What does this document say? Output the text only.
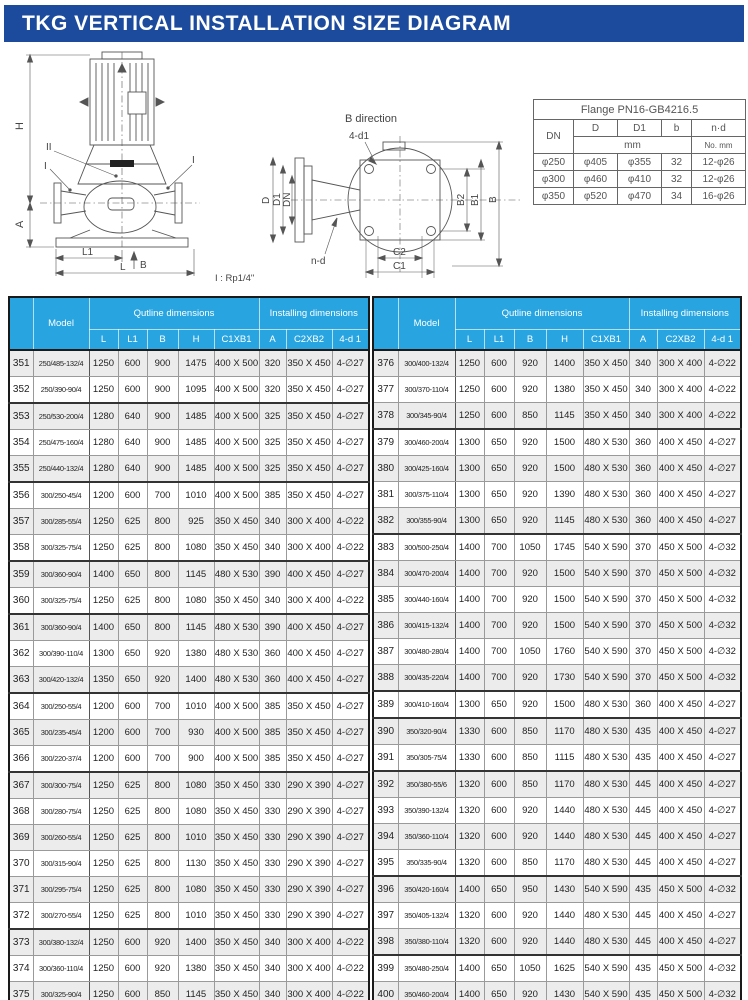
TKG VERTICAL INSTALLATION SIZE DIAGRAM
H
A
L1
L B
II
I
I
B direction
4-d1
D D1 DN
n-d
B2 B1 B
C2
C1

I : Rp1/4"

Flange PN16-GB4216.5				
DN	D	D1	b	n·d
	mm			No. mm
φ250	φ405	φ355	32	12-φ26
φ300	φ460	φ410	32	12-φ26
φ350	φ520	φ470	34	16-φ26
	Model	Qutline dimensions					Installing dimensions		
		L	L1	B	H	C1XB1	A	C2XB2	4-d 1
351	250/485-132/4	1250	600	900	1475	400 X 500	320	350 X 450	4-∅27
352	250/390-90/4	1250	600	900	1095	400 X 500	320	350 X 450	4-∅27
353	250/530-200/4	1280	640	900	1485	400 X 500	325	350 X 450	4-∅27
354	250/475-160/4	1280	640	900	1485	400 X 500	325	350 X 450	4-∅27
355	250/440-132/4	1280	640	900	1485	400 X 500	325	350 X 450	4-∅27
356	300/250-45/4	1200	600	700	1010	400 X 500	385	350 X 450	4-∅27
357	300/285-55/4	1250	625	800	925	350 X 450	340	300 X 400	4-∅22
358	300/325-75/4	1250	625	800	1080	350 X 450	340	300 X 400	4-∅22
359	300/360-90/4	1400	650	800	1145	480 X 530	390	400 X 450	4-∅27
360	300/325-75/4	1250	625	800	1080	350 X 450	340	300 X 400	4-∅22
361	300/360-90/4	1400	650	800	1145	480 X 530	390	400 X 450	4-∅27
362	300/390-110/4	1300	650	920	1380	480 X 530	360	400 X 450	4-∅27
363	300/420-132/4	1350	650	920	1400	480 X 530	360	400 X 450	4-∅27
364	300/250-55/4	1200	600	700	1010	400 X 500	385	350 X 450	4-∅27
365	300/235-45/4	1200	600	700	930	400 X 500	385	350 X 450	4-∅27
366	300/220-37/4	1200	600	700	900	400 X 500	385	350 X 450	4-∅27
367	300/300-75/4	1250	625	800	1080	350 X 450	330	290 X 390	4-∅27
368	300/280-75/4	1250	625	800	1080	350 X 450	330	290 X 390	4-∅27
369	300/260-55/4	1250	625	800	1010	350 X 450	330	290 X 390	4-∅27
370	300/315-90/4	1250	625	800	1130	350 X 450	330	290 X 390	4-∅27
371	300/295-75/4	1250	625	800	1080	350 X 450	330	290 X 390	4-∅27
372	300/270-55/4	1250	625	800	1010	350 X 450	330	290 X 390	4-∅27
373	300/380-132/4	1250	600	920	1400	350 X 450	340	300 X 400	4-∅22
374	300/360-110/4	1250	600	920	1380	350 X 450	340	300 X 400	4-∅22
375	300/325-90/4	1250	600	850	1145	350 X 450	340	300 X 400	4-∅22
	Model	Qutline dimensions					Installing dimensions		
		L	L1	B	H	C1XB1	A	C2XB2	4-d 1
376	300/400-132/4	1250	600	920	1400	350 X 450	340	300 X 400	4-∅22
377	300/370-110/4	1250	600	920	1380	350 X 450	340	300 X 400	4-∅22
378	300/345-90/4	1250	600	850	1145	350 X 450	340	300 X 400	4-∅22
379	300/460-200/4	1300	650	920	1500	480 X 530	360	400 X 450	4-∅27
380	300/425-160/4	1300	650	920	1500	480 X 530	360	400 X 450	4-∅27
381	300/375-110/4	1300	650	920	1390	480 X 530	360	400 X 450	4-∅27
382	300/355-90/4	1300	650	920	1145	480 X 530	360	400 X 450	4-∅27
383	300/500-250/4	1400	700	1050	1745	540 X 590	370	450 X 500	4-∅32
384	300/470-200/4	1400	700	920	1500	540 X 590	370	450 X 500	4-∅32
385	300/440-160/4	1400	700	920	1500	540 X 590	370	450 X 500	4-∅32
386	300/415-132/4	1400	700	920	1500	540 X 590	370	450 X 500	4-∅32
387	300/480-280/4	1400	700	1050	1760	540 X 590	370	450 X 500	4-∅32
388	300/435-220/4	1400	700	920	1730	540 X 590	370	450 X 500	4-∅32
389	300/410-160/4	1300	650	920	1500	480 X 530	360	400 X 450	4-∅27
390	350/320-90/4	1330	600	850	1170	480 X 530	435	400 X 450	4-∅27
391	350/305-75/4	1330	600	850	1115	480 X 530	435	400 X 450	4-∅27
392	350/380-55/6	1320	600	850	1170	480 X 530	445	400 X 450	4-∅27
393	350/390-132/4	1320	600	920	1440	480 X 530	445	400 X 450	4-∅27
394	350/360-110/4	1320	600	920	1440	480 X 530	445	400 X 450	4-∅27
395	350/335-90/4	1320	600	850	1170	480 X 530	445	400 X 450	4-∅27
396	350/420-160/4	1400	650	950	1430	540 X 590	435	450 X 500	4-∅32
397	350/405-132/4	1320	600	920	1440	480 X 530	445	400 X 450	4-∅27
398	350/380-110/4	1320	600	920	1440	480 X 530	445	400 X 450	4-∅27
399	350/480-250/4	1400	650	1050	1625	540 X 590	435	450 X 500	4-∅32
400	350/460-200/4	1400	650	920	1430	540 X 590	435	450 X 500	4-∅32
